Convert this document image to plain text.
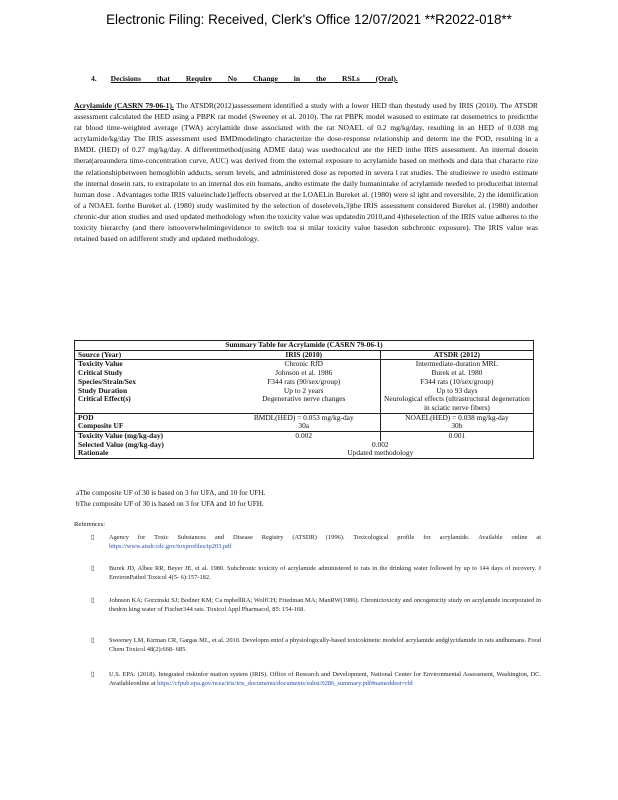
Electronic Filing: Received, Clerk's Office 12/07/2021 **R2022-018**
4. Decisions that Require No Change in the RSLs (Oral).
Acrylamide (CASRN 79-06-1). The ATSDR(2012)assessement identified a study with a lower HED than thestudy used by IRIS (2010). The ATSDR assessment calculated the HED using a PBPK rat model (Sweeney et al. 2010). The rat PBPK model wasused to estimate rat dosemetrics to predictthe rat blood time-weighted average (TWA) acrylamide dose associated with the rat NOAEL of 0.2 mg/kg/day, resulting in an HED of 0.038 mg acrylamide/kg/day The IRIS assessment used BMDmodelingto characterize the dose-response relationship and determ ine the POD, resulting in a BMDL (HED) of 0.27 mg/kg/day. A differentmethod(using ADME data) was usedtocalcul ate the HED inthe IRIS assessment. An internal dosein therat(areaundera time-concentration curve, AUC) was derived from the external exposure to acrylamide based on methods and data that characte rize the relationshipbetween hemoglobin adducts, serum levels, and administered dose as reported in severa l rat studies. The studieswe re usedto estimate the internal dosein rats, to extrapolate to an internal dos ein humans, andto estimate the daily humanintake of acrylamide needed to producethat internal human dose . Advantages tothe IRIS valueinclude1)effects observed at the LOAELin Bureket al. (1980) were sl ight and reversible, 2) the identification of a NOAEL forthe Bureket al. (1980) study waslimited by the selection of doselevels,3)the IRIS assessment considered Bureket al. (1980) andother chronic-dur ation studies and used updated methodology when the toxicity value was updatedin 2010,and 4)theselection of the IRIS value adheres to the toxicity hierarchy (and there isnooverwhelmingevidence to switch toa si milar toxicity value basedon subchronic exposure). The IRIS value was retained based on adifferent study and updated methodology.
Summary Table for Acrylamide (CASRN 79-06-1)		
Source (Year)	IRIS (2010)	ATSDR (2012)
Toxicity Value	Chronic RfD	Intermediate-duration MRL
Critical Study	Johnson et al. 1986	Burek et al. 1980
Species/Strain/Sex	F344 rats (90/sex/group)	F344 rats (10/sex/group)
Study Duration	Up to 2 years	Up to 93 days
Critical Effect(s)	Degenerative nerve changes	Neurological effects (ultrastructural degeneration in sciatic nerve fibers)
POD	BMDL(HED) = 0.053 mg/kg-day	NOAEL(HED) = 0.038 mg/kg-day
Composite UF	30a	30b
Toxicity Value (mg/kg-day)	0.002	0.001
Selected Value (mg/kg-day)	0.002	
Rationale	Updated methodology	
aThe composite UF of 30 is based on 3 for UFA, and 10 for UFH.
bThe composite UF of 30 is based on 3 for UFA and 10 for UFH.
References:
▯	Agency for Toxic Substances and Disease Registry (ATSDR) (1996). Toxicological profile for acrylamide. Available online at https://www.atsdr.cdc.gov/toxprofiles/tp203.pdf
▯	Burek JD, Albee RR, Beyer JE, et al. 1980. Subchronic toxicity of acrylamide administered to rats in the drinking water followed by up to 144 days of recovery. J EnvironPathol Toxicol 4(5- 6):157-182.
▯	Johnson KA; Gorzinski SJ; Bodner KM; Ca mpbellRA; WolfCH; Friedman MA; ManRW(1986). Chronictoxicity and oncogenicity study on acrylamide incorporated in thedrin king water of Fischer344 rats. Toxicol Appl Pharmacol, 85: 154-168.
▯	Sweeney LM, Kirman CR, Gargas ML, et al. 2010. Developm entof a physiologically-based toxicokinetic modelof acrylamide andglycidamide in rats andhumans. Food Chem Toxicol 48(2):668- 685.
▯	U.S. EPA. (2018). Integrated riskinfor mation system (IRIS). Office of Research and Development, National Center for Environmental Assessment, Washington, DC. Availableonline at https://cfpub.epa.gov/ncea/iris/iris_documents/documents/subst/0286_summary.pdf#nameddest=rfd
